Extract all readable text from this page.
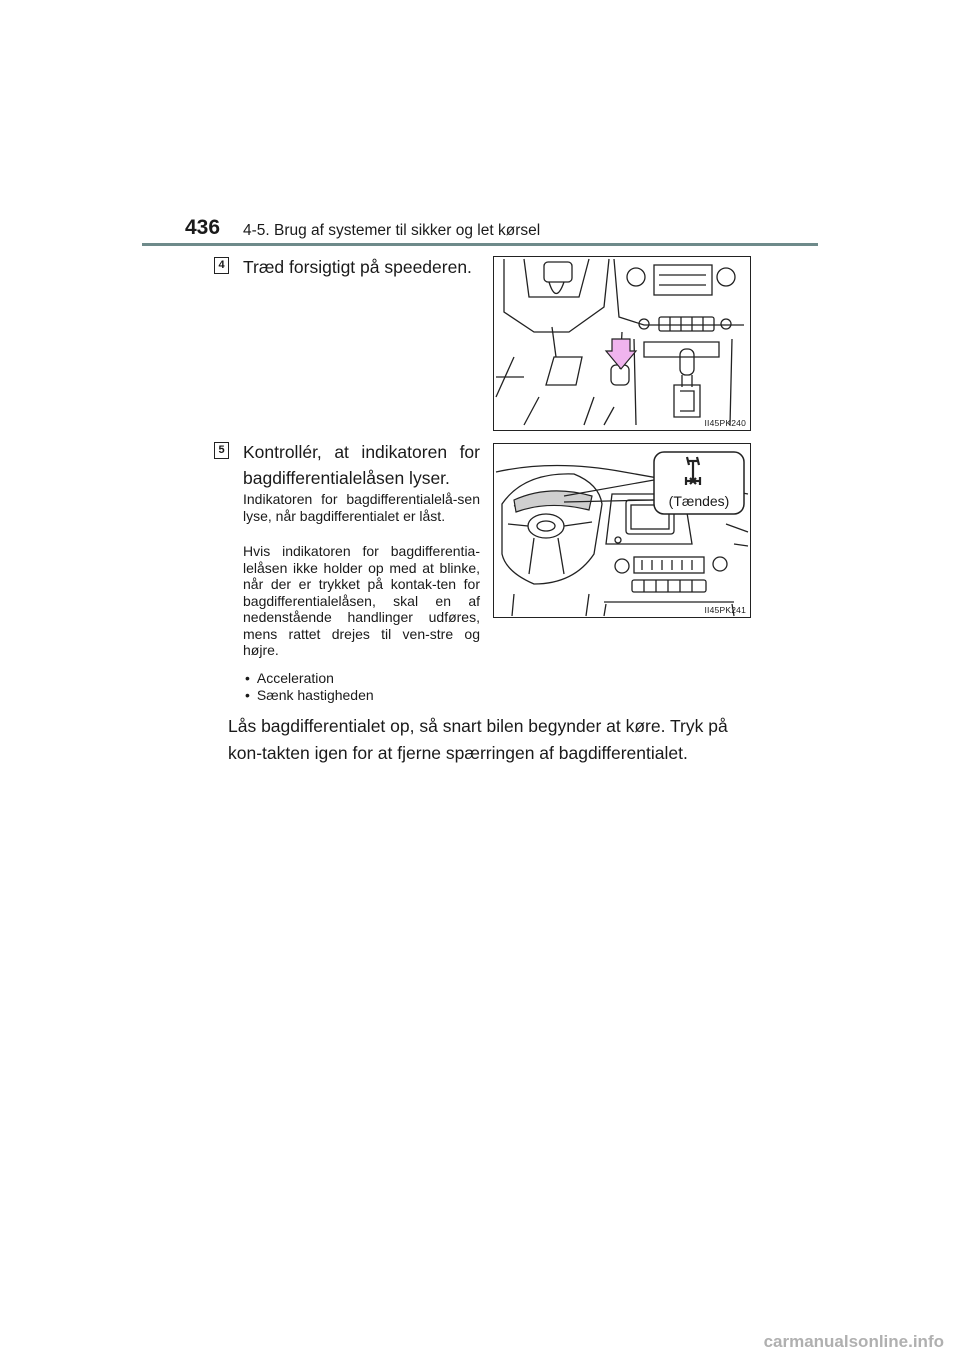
436 4-5. Brug af systemer til sikker og let kørsel
4 Træd forsigtigt på speederen.
II45PK240
5 Kontrollér, at indikatoren for bagdifferentialelåsen lyser.
Indikatoren for bagdifferentialelå-sen lyse, når bagdifferentialet er låst.
Hvis indikatoren for bagdifferentia-lelåsen ikke holder op med at blinke, når der er trykket på kontak-ten for bagdifferentialelåsen, skal en af nedenstående handlinger udføres, mens rattet drejes til ven-stre og højre.
• Acceleration
• Sænk hastigheden
(Tændes)
II45PK241
Lås bagdifferentialet op, så snart bilen begynder at køre. Tryk på kon-takten igen for at fjerne spærringen af bagdifferentialet.
carmanualsonline.info
